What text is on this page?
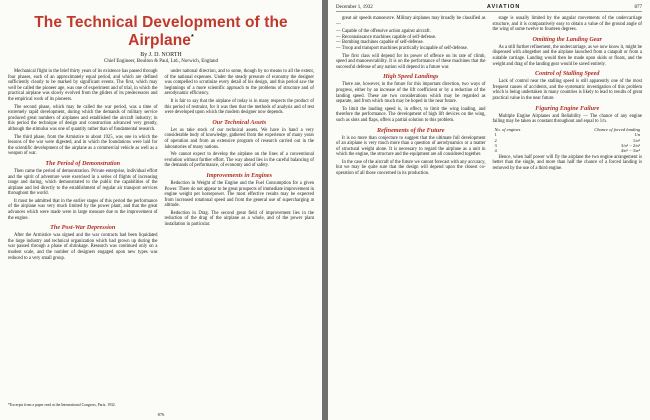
The Technical Development of the Airplane*
By J. D. NORTH
Chief Engineer, Boulton & Paul, Ltd., Norwich, England

Mechanical flight in the brief thirty years of its existence has passed through four phases, each of an approximately equal period, and which are defined sufficiently clearly to be marked by significant events. The first, which may well be called the pioneer age, was one of experiment and of trial, in which the practical airplane was slowly evolved from the gliders of its predecessors and the empirical work of its pioneers.

The second phase, which may be called the war period, was a time of extremely rapid development, during which the demands of military service produced great numbers of airplanes and established the aircraft industry; in this period the technique of design and construction advanced very greatly, although the stimulus was one of quantity rather than of fundamental research.

The third phase, from the Armistice to about 1925, was one in which the lessons of the war were digested, and in which the foundations were laid for the scientific development of the airplane as a commercial vehicle as well as a weapon of war.

The Period of Demonstration

Then came the period of demonstration. Private enterprise, individual effort and the spirit of adventure were exercised in a series of flights of increasing range and daring, which demonstrated to the public the capabilities of the airplane and led directly to the establishment of regular air transport services throughout the world.

It must be admitted that in the earlier stages of this period the performance of the airplane was very much limited by the power plant, and that the great advances which were made were in large measure due to the improvement of the engine.

The Post-War Depression

After the Armistice was signed and the war contracts had been liquidated the large industry and technical organization which had grown up during the war passed through a phase of shrinkage. Research was continued only on a modest scale, and the number of designers engaged upon new types was reduced to a very small group.

under national direction, and to some, though by no means to all the extent, of the national expenses. Under the steady pressure of economy the designer was compelled to scrutinize every detail of his design, and this period saw the beginnings of a more scientific approach to the problems of structure and of aerodynamic efficiency.

It is fair to say that the airplane of today is in many respects the product of this period of restraint, for it was then that the methods of analysis and of test were developed upon which the modern designer now depends.

Our Technical Assets

Let us take stock of our technical assets. We have in hand a very considerable body of knowledge, gathered from the experience of many years of operation and from an extensive program of research carried out in the laboratories of many nations.

We cannot expect to develop the airplane on the lines of a conventional evolution without further effort. The way ahead lies in the careful balancing of the demands of performance, of economy and of safety.

Improvements in Engines

Reduction in Weight of the Engine and the Fuel Consumption for a given Power. There do not appear to be great prospects of immediate improvement in engine weight per horsepower. The most effective results may be expected from increased rotational speed and from the general use of supercharging at altitude.

Reduction in Drag. The second great field of improvement lies in the reduction of the drag of the airplane as a whole, and of the power plant installation in particular.

*Excerpts from a paper read at the International Congress, Paris, 1932.
876
December 1, 1932	AVIATION	877

great air speeds manoeuvre. Military airplanes may broadly be classified as —

— Capable of the offensive action against aircraft.
— Reconnaissance machines capable of self-defense.
— Bombing machines capable of self-defense.
— Troop and transport machines practically incapable of self-defense.

The first class will depend for its power of offence on its rate of climb, speed and manoeuvrability. It is on the performance of these machines that the successful defense of any nation will depend in a future war.

High Speed Landings

There are, however, in the future for this important direction, two ways of progress, either by an increase of the lift coefficient or by a reduction of the landing speed. These are two considerations which may be regarded as separate, and from which much may be hoped in the near future.

To limit the landing speed is, in effect, to limit the wing loading, and therefore the performance. The development of high lift devices on the wing, such as slots and flaps, offers a partial solution to this problem.

Refinements of the Future

It is no more than conjecture to suggest that the ultimate full development of an airplane is very much more than a question of aerodynamics or a matter of structural weight alone. It is necessary to regard the airplane as a unit in which the engine, the structure and the equipment are all considered together.

In the case of the aircraft of the future we cannot forecast with any accuracy, but we may be quite sure that the design will depend upon the closest co-operation of all those concerned in its production.

stage is usually limited by the angular movements of the undercarriage structure, and it is comparatively easy to obtain a value of the ground angle of the wing of some twelve to fourteen degrees.

Omitting the Landing Gear

As a still further refinement, the undercarriage, as we now know it, might be dispensed with altogether and the airplane launched from a catapult or from a suitable carriage. Landing would then be made upon skids or floats, and the weight and drag of the landing gear would be saved entirely.

Control of Stalling Speed

Lack of control near the stalling speed is still apparently one of the most frequent causes of accidents, and the systematic investigation of this problem which is being undertaken in many countries is likely to lead to results of great practical value in the near future.

Figuring Engine Failure

Multiple Engine Airplanes and Reliability — The chance of any engine failing may be taken as constant throughout and equal to 1/n.

No. of engines	Chance of forced landing
1	1/n
2	1/n²
3	3/n² − 2/n³
4	4/n³ − 3/n⁴

Hence, when half power will fly the airplane the two engine arrangement is better than the single, and more than half the chance of a forced landing is removed by the use of a third engine.
